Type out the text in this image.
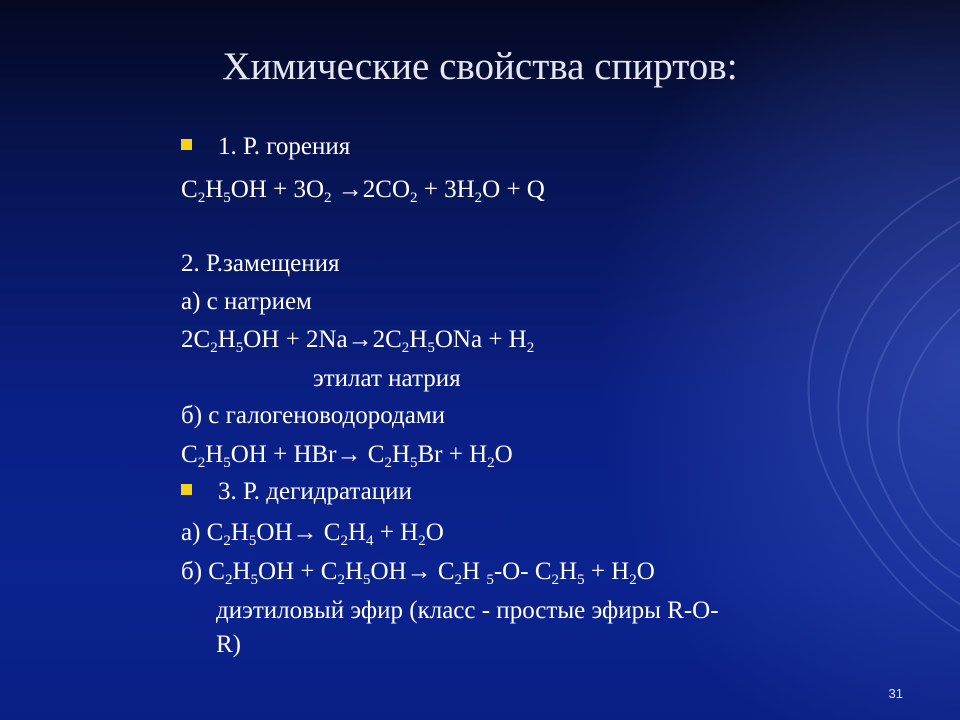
Химические свойства спиртов:
1. Р. горения
$C_2H_5OH + 3O_2 \to 2CO_2 + 3H_2O + Q$
2. Р.замещения
а) с натрием
$2C_2H_5OH + 2Na\to 2C_2H_5ONa + H_2$
этилат натрия
б) с галогеноводородами
$C_2H_5OH + HBr\to C_2H_5Br + H_2O$
3. Р. дегидратации
а) $C_2H_5OH\to C_2H_4 + H_2O$
б) $C_2H_5OH + C_2H_5OH\to C_2H$ $_5$-O- $C_2H_5 + H_2O$
диэтиловый эфир (класс - простые эфиры R-O-
R)
31
